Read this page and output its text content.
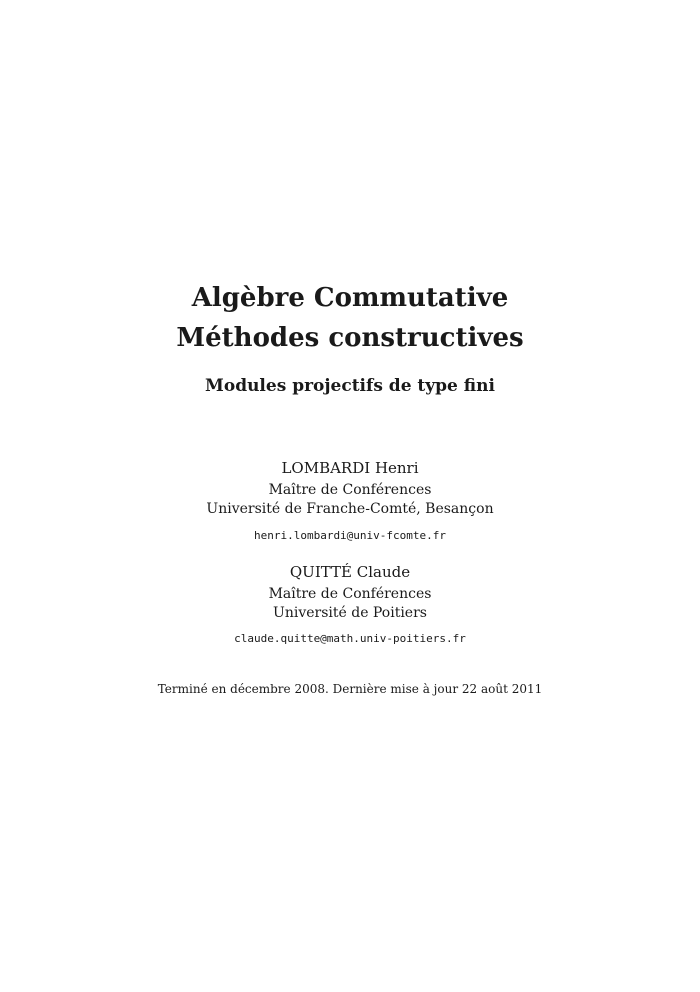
Algèbre Commutative
Méthodes constructives
Modules projectifs de type fini
LOMBARDI Henri
Maître de Conférences
Université de Franche-Comté, Besançon
henri.lombardi@univ-fcomte.fr
QUITTÉ Claude
Maître de Conférences
Université de Poitiers
claude.quitte@math.univ-poitiers.fr
Terminé en décembre 2008. Dernière mise à jour 22 août 2011
